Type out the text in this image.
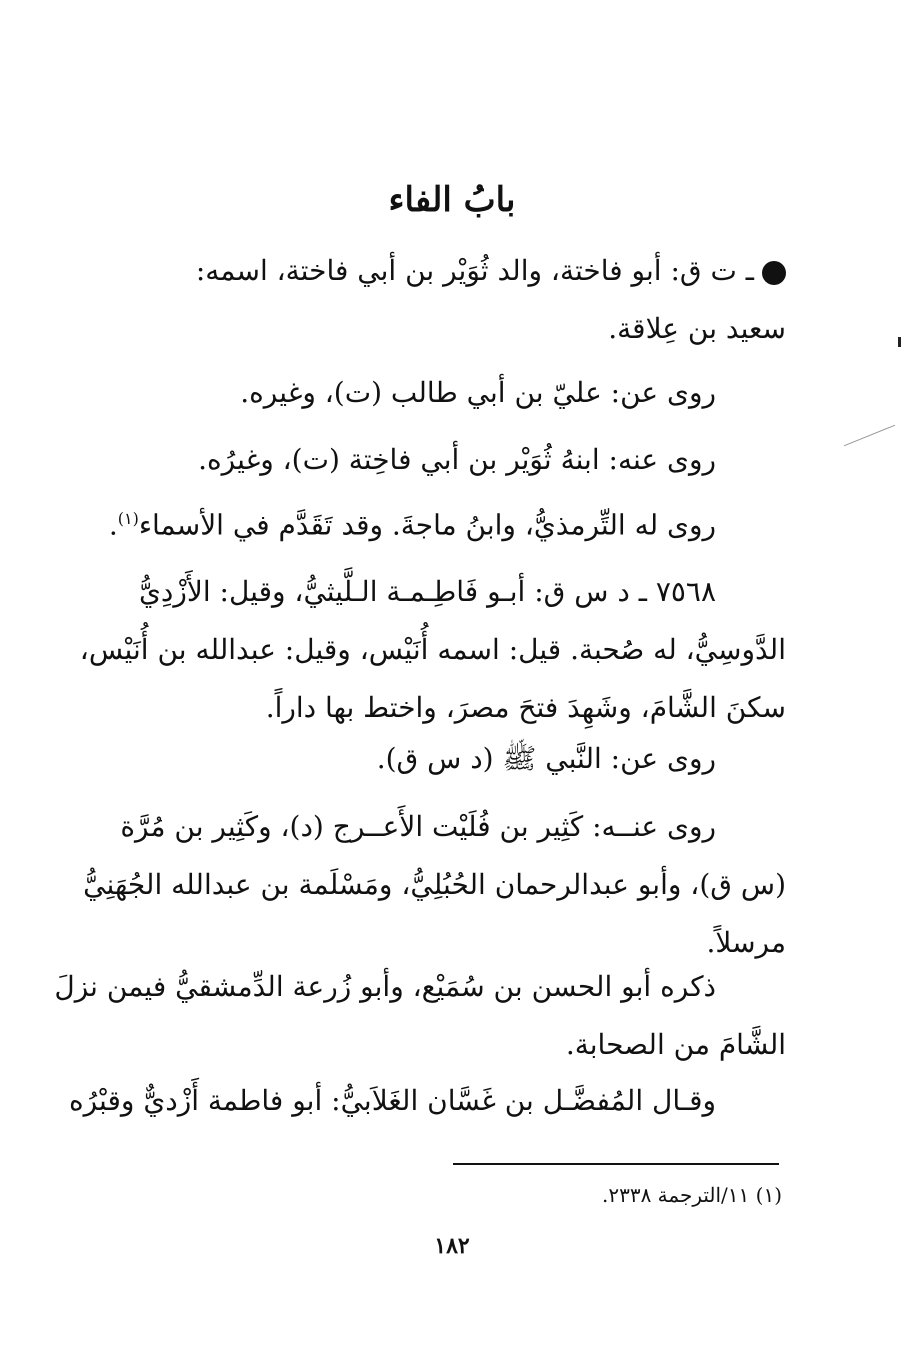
بابُ الفاء
ـ ت ق: أبو فاختة، والد ثُوَيْر بن أبي فاختة، اسمه:
سعيد بن عِلاقة.
روى عن: عليّ بن أبي طالب (ت)، وغيره.
روى عنه: ابنهُ ثُوَيْر بن أبي فاخِتة (ت)، وغيرُه.
روى له التِّرمذيُّ، وابنُ ماجةَ. وقد تَقَدَّم في الأسماء$^{(١)}$.
٧٥٦٨ ـ د س ق: أبـو فَاطِـمـة الـلَّيثيُّ، وقيل: الأَزْدِيُّ
الدَّوسِيُّ، له صُحبة. قيل: اسمه أُنَيْس، وقيل: عبدالله بن أُنَيْس،
سكنَ الشَّامَ، وشَهِدَ فتحَ مصرَ، واختط بها داراً.
روى عن: النَّبي ﷺ (د س ق).
روى عنــه: كَثِير بن فُلَيْت الأَعــرج (د)، وكَثِير بن مُرَّة
(س ق)، وأبو عبدالرحمان الحُبُلِيُّ، ومَسْلَمة بن عبدالله الجُهَنِيُّ
مرسلاً.
ذكره أبو الحسن بن سُمَيْع، وأبو زُرعة الدِّمشقيُّ فيمن نزلَ
الشَّامَ من الصحابة.
وقـال المُفضَّـل بن غَسَّان الغَلاَبيُّ: أبو فاطمة أَزْديٌّ وقبْرُه
(١) ١١/الترجمة ٢٣٣٨.
١٨٢
